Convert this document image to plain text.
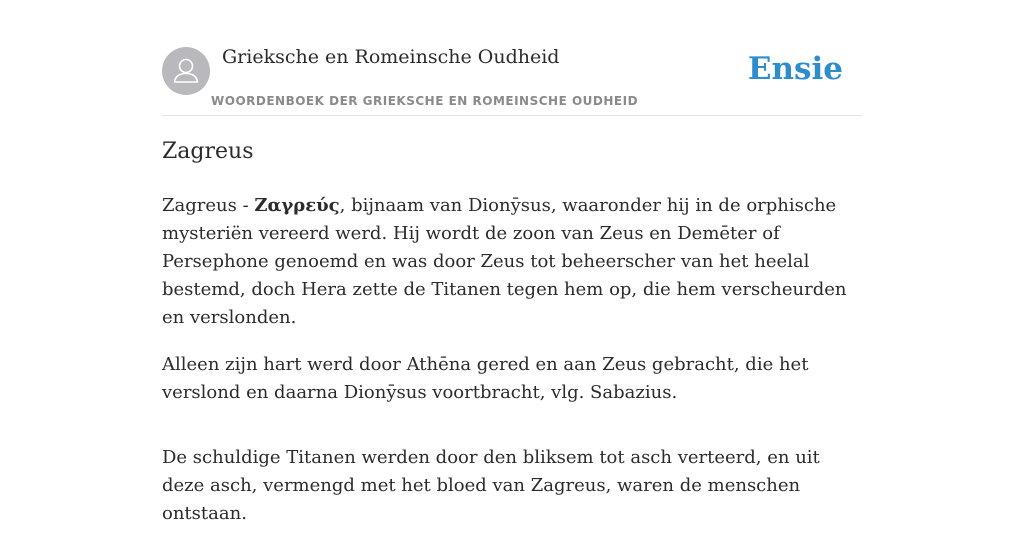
Grieksche en Romeinsche Oudheid
WOORDENBOEK DER GRIEKSCHE EN ROMEINSCHE OUDHEID
Ensie
Zagreus

Zagreus - Ζαγρεύς, bijnaam van Dionȳsus, waaronder hij in de orphische mysteriën vereerd werd. Hij wordt de zoon van Zeus en Demēter of Persephone genoemd en was door Zeus tot beheerscher van het heelal bestemd, doch Hera zette de Titanen tegen hem op, die hem verscheurden en verslonden.

Alleen zijn hart werd door Athēna gered en aan Zeus gebracht, die het verslond en daarna Dionȳsus voortbracht, vlg. Sabazius.

De schuldige Titanen werden door den bliksem tot asch verteerd, en uit deze asch, vermengd met het bloed van Zagreus, waren de menschen ontstaan.
